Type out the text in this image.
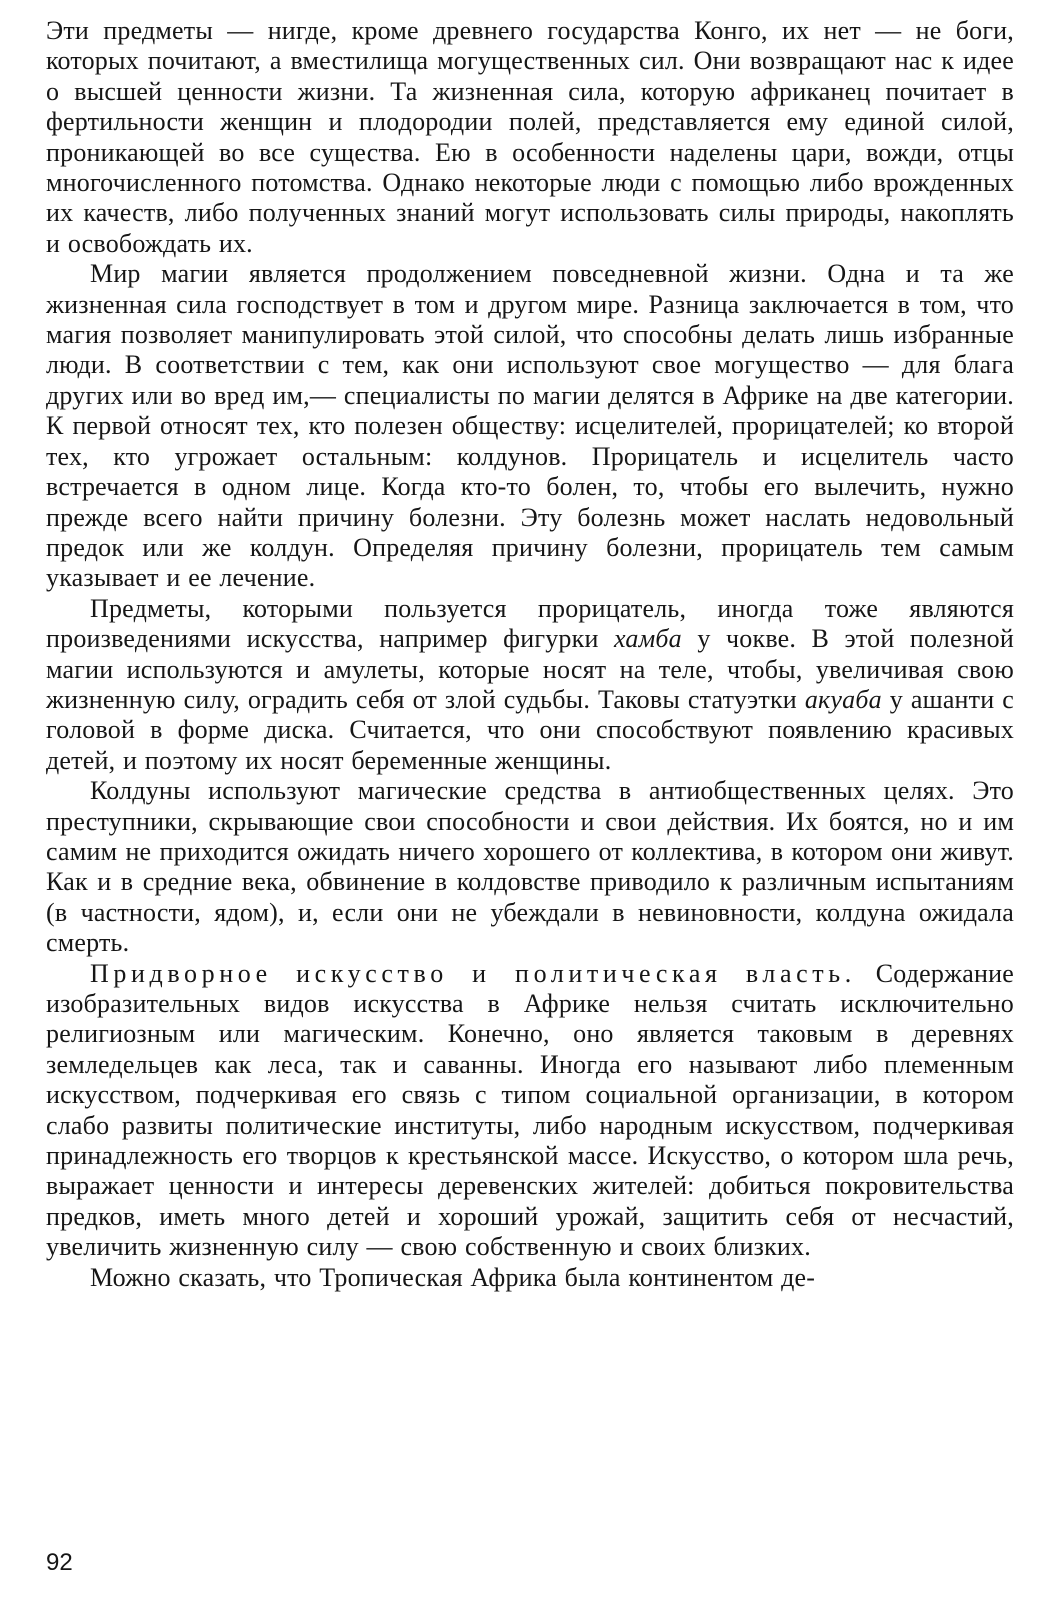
Эти предметы — нигде, кроме древнего государства Конго, их нет — не боги, которых почитают, а вместилища могущественных сил. Они возвращают нас к идее о высшей ценности жизни. Та жизненная сила, которую африканец почитает в фертильности женщин и плодородии полей, представляется ему единой силой, проникающей во все существа. Ею в особенности наделены цари, вожди, отцы многочисленного потомства. Однако некоторые люди с помощью либо врожденных их качеств, либо полученных знаний могут использовать силы природы, накоплять и освобождать их.

Мир магии является продолжением повседневной жизни. Одна и та же жизненная сила господствует в том и другом мире. Разница заключается в том, что магия позволяет манипулировать этой силой, что способны делать лишь избранные люди. В соответствии с тем, как они используют свое могущество — для блага других или во вред им,— специалисты по магии делятся в Африке на две категории. К первой относят тех, кто полезен обществу: исцелителей, прорицателей; ко второй тех, кто угрожает остальным: колдунов. Прорицатель и исцелитель часто встречается в одном лице. Когда кто-то болен, то, чтобы его вылечить, нужно прежде всего найти причину болезни. Эту болезнь может наслать недовольный предок или же колдун. Определяя причину болезни, прорицатель тем самым указывает и ее лечение.

Предметы, которыми пользуется прорицатель, иногда тоже являются произведениями искусства, например фигурки хамба у чокве. В этой полезной магии используются и амулеты, которые носят на теле, чтобы, увеличивая свою жизненную силу, оградить себя от злой судьбы. Таковы статуэтки акуаба у ашанти с головой в форме диска. Считается, что они способствуют появлению красивых детей, и поэтому их носят беременные женщины.

Колдуны используют магические средства в антиобщественных целях. Это преступники, скрывающие свои способности и свои действия. Их боятся, но и им самим не приходится ожидать ничего хорошего от коллектива, в котором они живут. Как и в средние века, обвинение в колдовстве приводило к различным испытаниям (в частности, ядом), и, если они не убеждали в невиновности, колдуна ожидала смерть.

Придворное искусство и политическая власть. Содержание изобразительных видов искусства в Африке нельзя считать исключительно религиозным или магическим. Конечно, оно является таковым в деревнях земледельцев как леса, так и саванны. Иногда его называют либо племенным искусством, подчеркивая его связь с типом социальной организации, в котором слабо развиты политические институты, либо народным искусством, подчеркивая принадлежность его творцов к крестьянской массе. Искусство, о котором шла речь, выражает ценности и интересы деревенских жителей: добиться покровительства предков, иметь много детей и хороший урожай, защитить себя от несчастий, увеличить жизненную силу — свою собственную и своих близких.

Можно сказать, что Тропическая Африка была континентом де-

92
